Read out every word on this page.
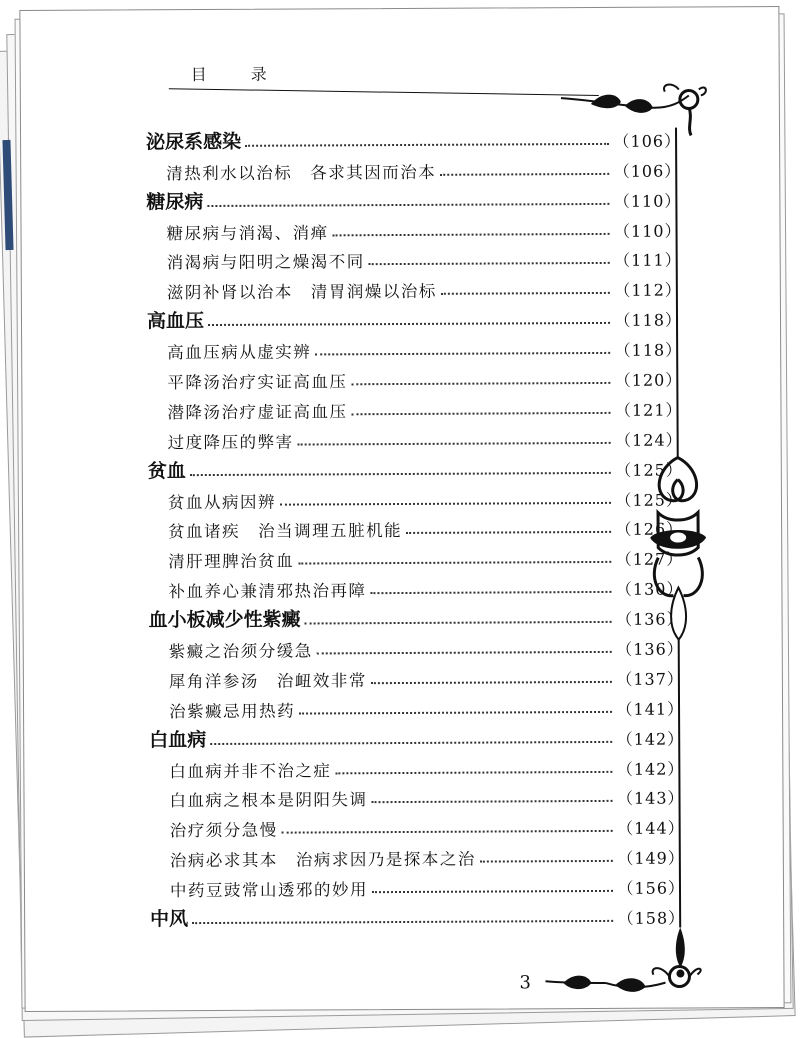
目　录
泌尿系感染	（106）
清热利水以治标　各求其因而治本	（106）
糖尿病	（110）
糖尿病与消渴、消瘅	（110）
消渴病与阳明之燥渴不同	（111）
滋阴补肾以治本　清胃润燥以治标	（112）
高血压	（118）
高血压病从虚实辨	（118）
平降汤治疗实证高血压	（120）
潜降汤治疗虚证高血压	（121）
过度降压的弊害	（124）
贫血	（125）
贫血从病因辨	（125）
贫血诸疾　治当调理五脏机能	（126）
清肝理脾治贫血	（127）
补血养心兼清邪热治再障	（130）
血小板减少性紫癜	（136）
紫癜之治须分缓急	（136）
犀角洋参汤　治衄效非常	（137）
治紫癜忌用热药	（141）
白血病	（142）
白血病并非不治之症	（142）
白血病之根本是阴阳失调	（143）
治疗须分急慢	（144）
治病必求其本　治病求因乃是探本之治	（149）
中药豆豉常山透邪的妙用	（156）
中风	（158）
3
